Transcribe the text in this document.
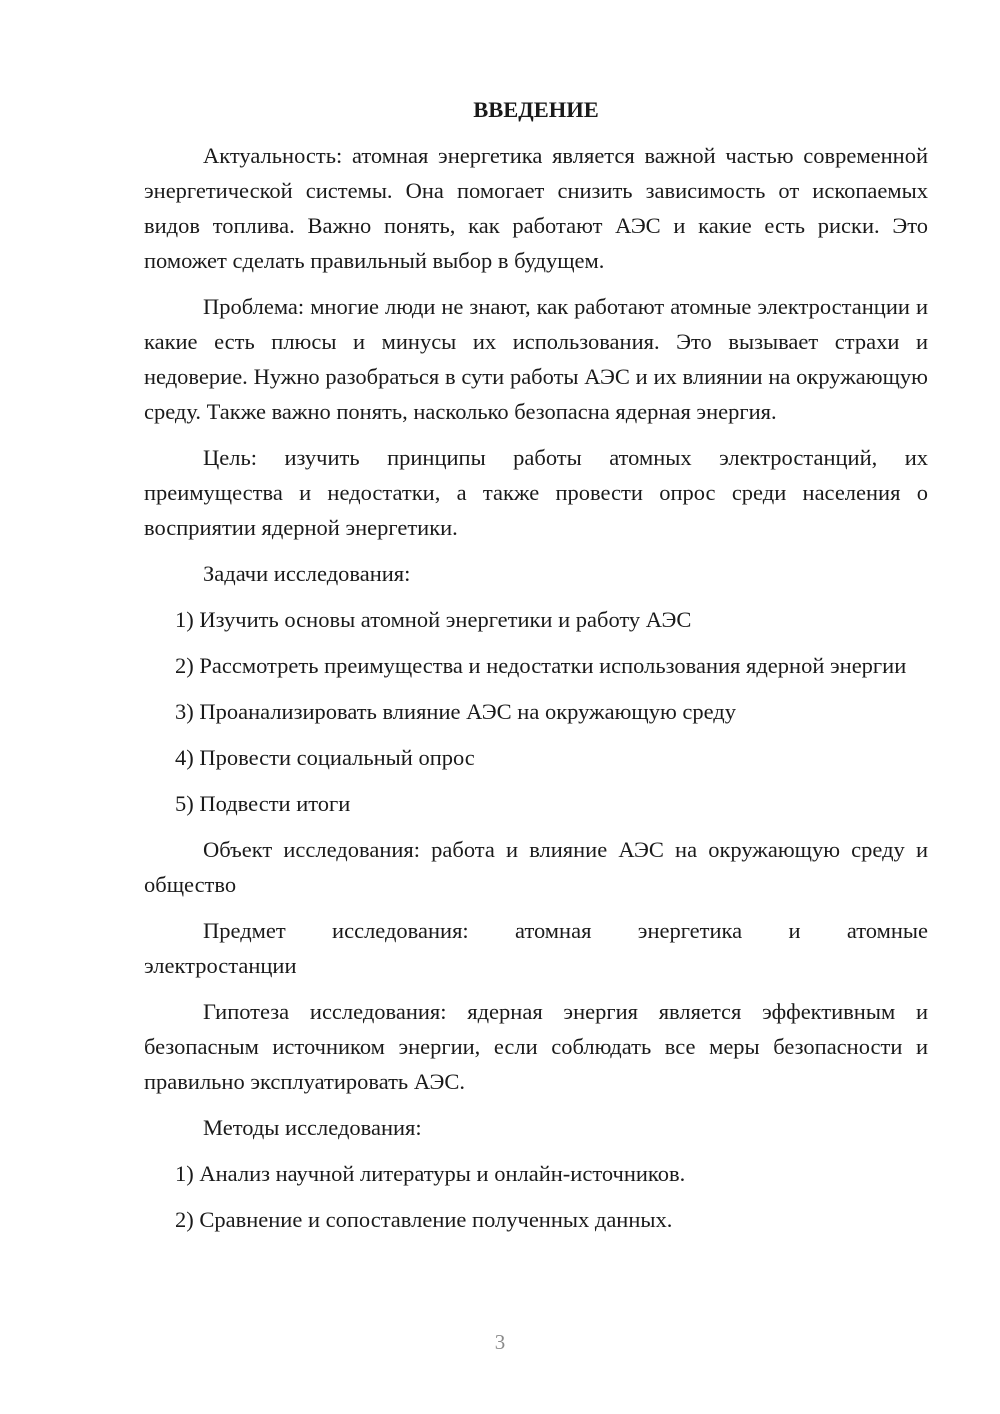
ВВЕДЕНИЕ
Актуальность: атомная энергетика является важной частью современной энергетической системы. Она помогает снизить зависимость от ископаемых видов топлива. Важно понять, как работают АЭС и какие есть риски. Это поможет сделать правильный выбор в будущем.
Проблема: многие люди не знают, как работают атомные электростанции и какие есть плюсы и минусы их использования. Это вызывает страхи и недоверие. Нужно разобраться в сути работы АЭС и их влиянии на окружающую среду. Также важно понять, насколько безопасна ядерная энергия.
Цель: изучить принципы работы атомных электростанций, их преимущества и недостатки, а также провести опрос среди населения о восприятии ядерной энергетики.
Задачи исследования:
1) Изучить основы атомной энергетики и работу АЭС
2) Рассмотреть преимущества и недостатки использования ядерной энергии
3) Проанализировать влияние АЭС на окружающую среду
4) Провести социальный опрос
5) Подвести итоги
Объект исследования: работа и влияние АЭС на окружающую среду и общество
Предмет исследования: атомная энергетика и атомные
электростанции
Гипотеза исследования: ядерная энергия является эффективным и безопасным источником энергии, если соблюдать все меры безопасности и правильно эксплуатировать АЭС.
Методы исследования:
1) Анализ научной литературы и онлайн-источников.
2) Сравнение и сопоставление полученных данных.
3
